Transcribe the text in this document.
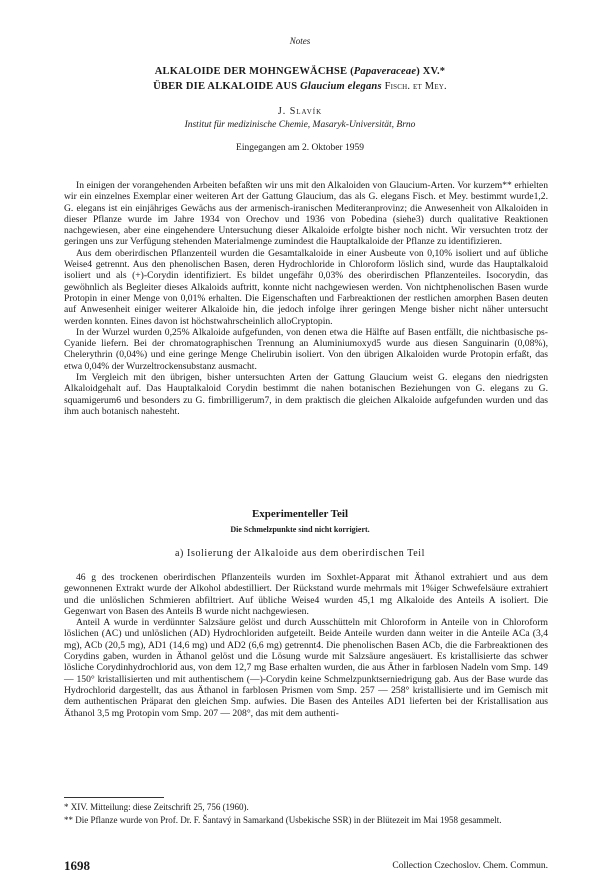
Notes
ALKALOIDE DER MOHNGEWÄCHSE (Papaveraceae) XV.*
ÜBER DIE ALKALOIDE AUS Glaucium elegans Fisch. et Mey.
J. Slavík
Institut für medizinische Chemie, Masaryk-Universität, Brno
Eingegangen am 2. Oktober 1959

In einigen der vorangehenden Arbeiten befaßten wir uns mit den Alkaloiden von Glaucium-Arten. Vor kurzem** erhielten wir ein einzelnes Exemplar einer weiteren Art der Gattung Glaucium, das als G. elegans Fisch. et Mey. bestimmt wurde1,2. G. elegans ist ein einjähriges Gewächs aus der armenisch-iranischen Mediteranprovinz; die Anwesenheit von Alkaloiden in dieser Pflanze wurde im Jahre 1934 von Orechov und 1936 von Pobedina (siehe3) durch qualitative Reaktionen nachgewiesen, aber eine eingehendere Untersuchung dieser Alkaloide erfolgte bisher noch nicht. Wir versuchten trotz der geringen uns zur Verfügung stehenden Materialmenge zumindest die Hauptalkaloide der Pflanze zu identifizieren.

Aus dem oberirdischen Pflanzenteil wurden die Gesamtalkaloide in einer Ausbeute von 0,10% isoliert und auf übliche Weise4 getrennt. Aus den phenolischen Basen, deren Hydrochloride in Chloroform löslich sind, wurde das Hauptalkaloid isoliert und als (+)-Corydin identifiziert. Es bildet ungefähr 0,03% des oberirdischen Pflanzenteiles. Isocorydin, das gewöhnlich als Begleiter dieses Alkaloids auftritt, konnte nicht nachgewiesen werden. Von nichtphenolischen Basen wurde Protopin in einer Menge von 0,01% erhalten. Die Eigenschaften und Farbreaktionen der restlichen amorphen Basen deuten auf Anwesenheit einiger weiterer Alkaloide hin, die jedoch infolge ihrer geringen Menge bisher nicht näher untersucht werden konnten. Eines davon ist höchstwahrscheinlich alloCryptopin.

In der Wurzel wurden 0,25% Alkaloide aufgefunden, von denen etwa die Hälfte auf Basen entfällt, die nichtbasische ps-Cyanide liefern. Bei der chromatographischen Trennung an Aluminiumoxyd5 wurde aus diesen Sanguinarin (0,08%), Chelerythrin (0,04%) und eine geringe Menge Chelirubin isoliert. Von den übrigen Alkaloiden wurde Protopin erfaßt, das etwa 0,04% der Wurzeltrockensubstanz ausmacht.

Im Vergleich mit den übrigen, bisher untersuchten Arten der Gattung Glaucium weist G. elegans den niedrigsten Alkaloidgehalt auf. Das Hauptalkaloid Corydin bestimmt die nahen botanischen Beziehungen von G. elegans zu G. squamigerum6 und besonders zu G. fimbrilligerum7, in dem praktisch die gleichen Alkaloide aufgefunden wurden und das ihm auch botanisch nahesteht.

Experimenteller Teil
Die Schmelzpunkte sind nicht korrigiert.
a) Isolierung der Alkaloide aus dem oberirdischen Teil

46 g des trockenen oberirdischen Pflanzenteils wurden im Soxhlet-Apparat mit Äthanol extrahiert und aus dem gewonnenen Extrakt wurde der Alkohol abdestilliert. Der Rückstand wurde mehrmals mit 1%iger Schwefelsäure extrahiert und die unlöslichen Schmieren abfiltriert. Auf übliche Weise4 wurden 45,1 mg Alkaloide des Anteils A isoliert. Die Gegenwart von Basen des Anteils B wurde nicht nachgewiesen.

Anteil A wurde in verdünnter Salzsäure gelöst und durch Ausschütteln mit Chloroform in Anteile von in Chloroform löslichen (AC) und unlöslichen (AD) Hydrochloriden aufgeteilt. Beide Anteile wurden dann weiter in die Anteile ACa (3,4 mg), ACb (20,5 mg), AD1 (14,6 mg) und AD2 (6,6 mg) getrennt4. Die phenolischen Basen ACb, die die Farbreaktionen des Corydins gaben, wurden in Äthanol gelöst und die Lösung wurde mit Salzsäure angesäuert. Es kristallisierte das schwer lösliche Corydinhydrochlorid aus, von dem 12,7 mg Base erhalten wurden, die aus Äther in farblosen Nadeln vom Smp. 149 — 150° kristallisierten und mit authentischem (—)-Corydin keine Schmelzpunktserniedrigung gab. Aus der Base wurde das Hydrochlorid dargestellt, das aus Äthanol in farblosen Prismen vom Smp. 257 — 258° kristallisierte und im Gemisch mit dem authentischen Präparat den gleichen Smp. aufwies. Die Basen des Anteiles AD1 lieferten bei der Kristallisation aus Äthanol 3,5 mg Protopin vom Smp. 207 — 208°, das mit dem authenti-

* XIV. Mitteilung: diese Zeitschrift 25, 756 (1960).
** Die Pflanze wurde von Prof. Dr. F. Šantavý in Samarkand (Usbekische SSR) in der Blütezeit im Mai 1958 gesammelt.
1698	Collection Czechoslov. Chem. Commun.
